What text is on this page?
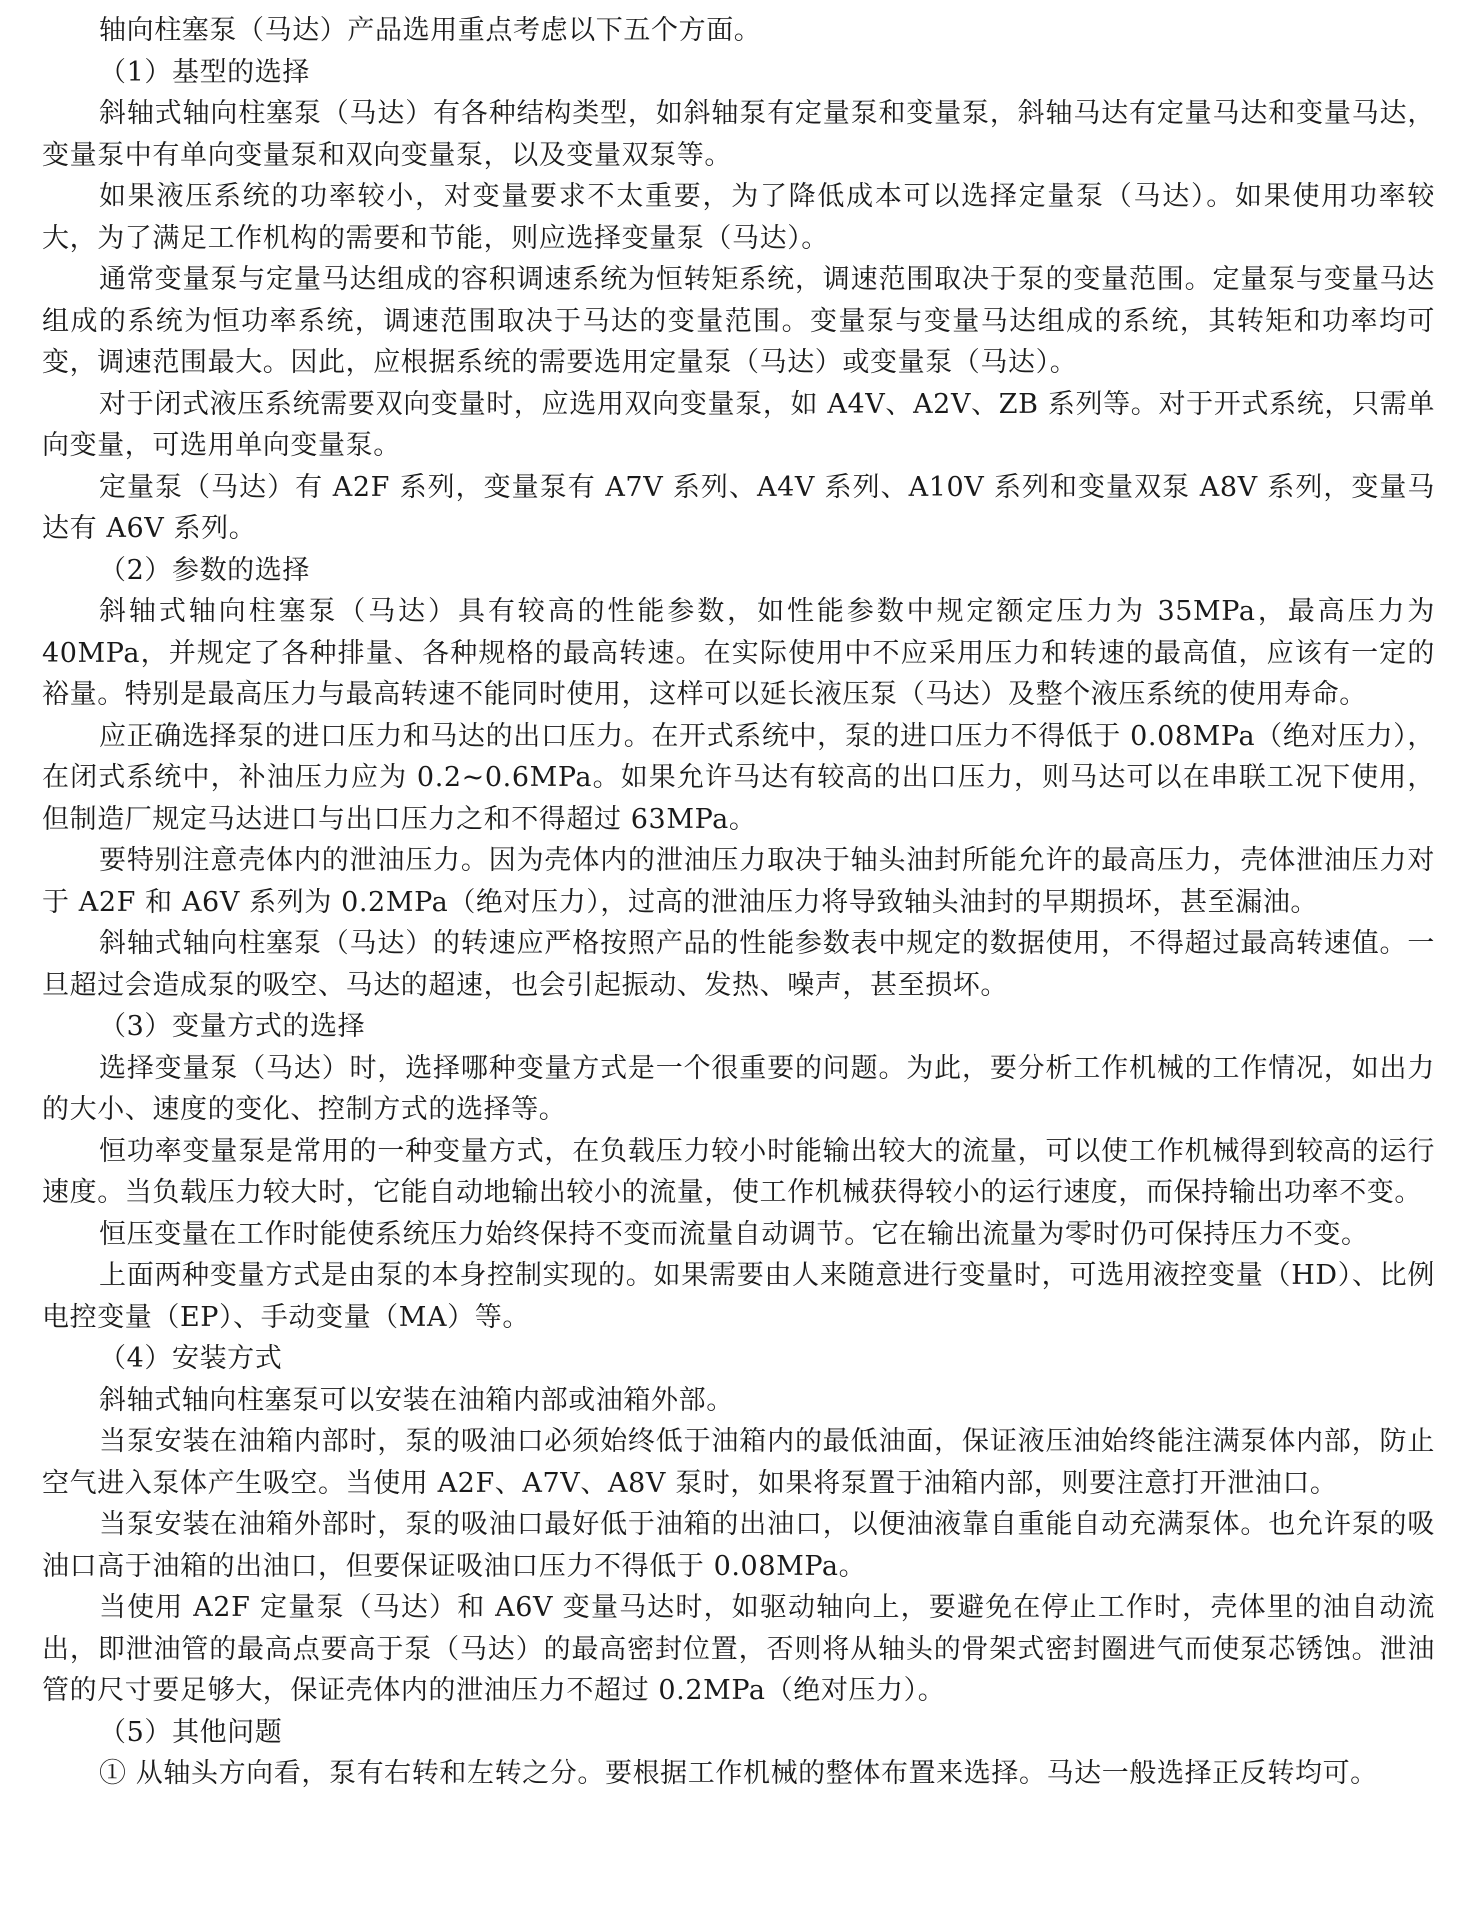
轴向柱塞泵（马达）产品选用重点考虑以下五个方面。

（1）基型的选择

斜轴式轴向柱塞泵（马达）有各种结构类型，如斜轴泵有定量泵和变量泵，斜轴马达有定量马达和变量马达，变量泵中有单向变量泵和双向变量泵，以及变量双泵等。

如果液压系统的功率较小，对变量要求不太重要，为了降低成本可以选择定量泵（马达）。如果使用功率较大，为了满足工作机构的需要和节能，则应选择变量泵（马达）。

通常变量泵与定量马达组成的容积调速系统为恒转矩系统，调速范围取决于泵的变量范围。定量泵与变量马达组成的系统为恒功率系统，调速范围取决于马达的变量范围。变量泵与变量马达组成的系统，其转矩和功率均可变，调速范围最大。因此，应根据系统的需要选用定量泵（马达）或变量泵（马达）。

对于闭式液压系统需要双向变量时，应选用双向变量泵，如 A4V、A2V、ZB 系列等。对于开式系统，只需单向变量，可选用单向变量泵。

定量泵（马达）有 A2F 系列，变量泵有 A7V 系列、A4V 系列、A10V 系列和变量双泵 A8V 系列，变量马达有 A6V 系列。

（2）参数的选择

斜轴式轴向柱塞泵（马达）具有较高的性能参数，如性能参数中规定额定压力为 35MPa，最高压力为 40MPa，并规定了各种排量、各种规格的最高转速。在实际使用中不应采用压力和转速的最高值，应该有一定的裕量。特别是最高压力与最高转速不能同时使用，这样可以延长液压泵（马达）及整个液压系统的使用寿命。

应正确选择泵的进口压力和马达的出口压力。在开式系统中，泵的进口压力不得低于 0.08MPa（绝对压力），在闭式系统中，补油压力应为 0.2~0.6MPa。如果允许马达有较高的出口压力，则马达可以在串联工况下使用，但制造厂规定马达进口与出口压力之和不得超过 63MPa。

要特别注意壳体内的泄油压力。因为壳体内的泄油压力取决于轴头油封所能允许的最高压力，壳体泄油压力对于 A2F 和 A6V 系列为 0.2MPa（绝对压力），过高的泄油压力将导致轴头油封的早期损坏，甚至漏油。

斜轴式轴向柱塞泵（马达）的转速应严格按照产品的性能参数表中规定的数据使用，不得超过最高转速值。一旦超过会造成泵的吸空、马达的超速，也会引起振动、发热、噪声，甚至损坏。

（3）变量方式的选择

选择变量泵（马达）时，选择哪种变量方式是一个很重要的问题。为此，要分析工作机械的工作情况，如出力的大小、速度的变化、控制方式的选择等。

恒功率变量泵是常用的一种变量方式，在负载压力较小时能输出较大的流量，可以使工作机械得到较高的运行速度。当负载压力较大时，它能自动地输出较小的流量，使工作机械获得较小的运行速度，而保持输出功率不变。

恒压变量在工作时能使系统压力始终保持不变而流量自动调节。它在输出流量为零时仍可保持压力不变。

上面两种变量方式是由泵的本身控制实现的。如果需要由人来随意进行变量时，可选用液控变量（HD）、比例电控变量（EP）、手动变量（MA）等。

（4）安装方式

斜轴式轴向柱塞泵可以安装在油箱内部或油箱外部。

当泵安装在油箱内部时，泵的吸油口必须始终低于油箱内的最低油面，保证液压油始终能注满泵体内部，防止空气进入泵体产生吸空。当使用 A2F、A7V、A8V 泵时，如果将泵置于油箱内部，则要注意打开泄油口。

当泵安装在油箱外部时，泵的吸油口最好低于油箱的出油口，以便油液靠自重能自动充满泵体。也允许泵的吸油口高于油箱的出油口，但要保证吸油口压力不得低于 0.08MPa。

当使用 A2F 定量泵（马达）和 A6V 变量马达时，如驱动轴向上，要避免在停止工作时，壳体里的油自动流出，即泄油管的最高点要高于泵（马达）的最高密封位置，否则将从轴头的骨架式密封圈进气而使泵芯锈蚀。泄油管的尺寸要足够大，保证壳体内的泄油压力不超过 0.2MPa（绝对压力）。

（5）其他问题

① 从轴头方向看，泵有右转和左转之分。要根据工作机械的整体布置来选择。马达一般选择正反转均可。
